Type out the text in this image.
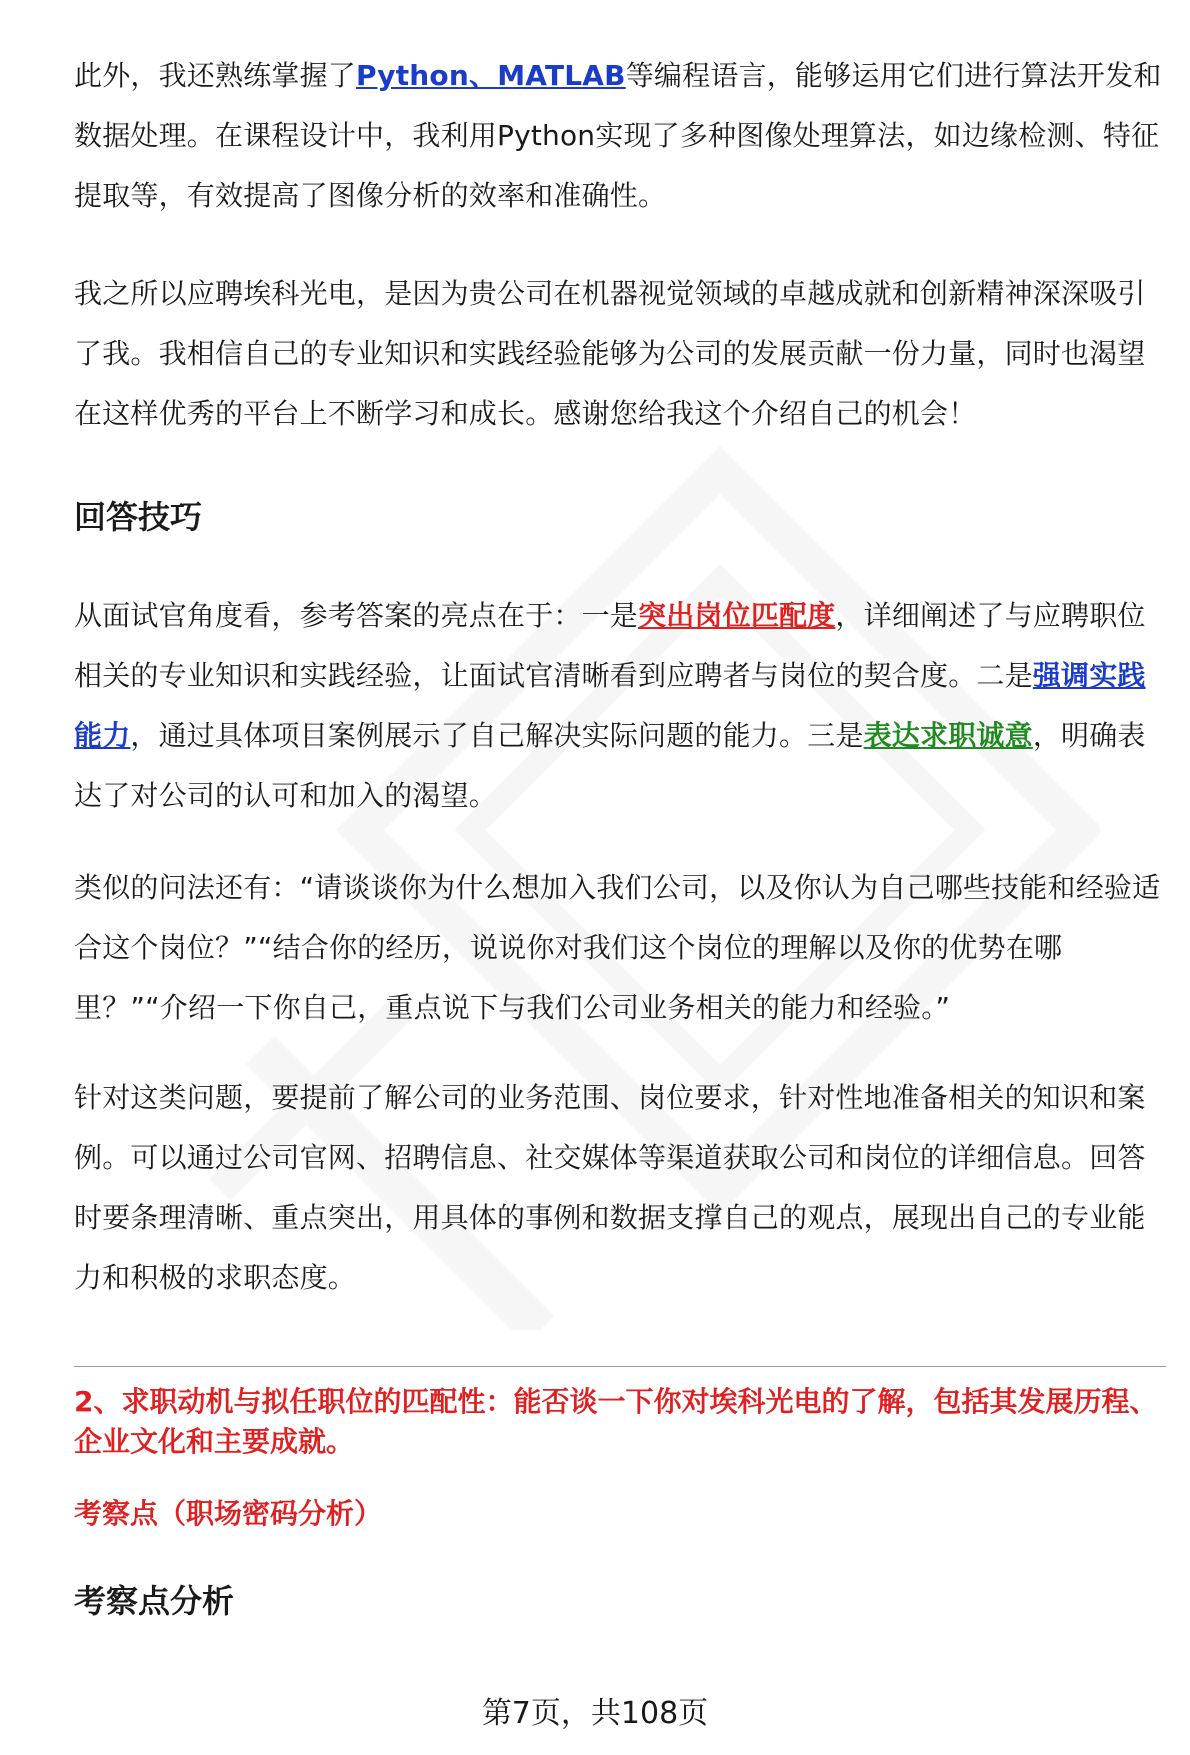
此外，我还熟练掌握了Python、MATLAB等编程语言，能够运用它们进行算法开发和数据处理。在课程设计中，我利用Python实现了多种图像处理算法，如边缘检测、特征提取等，有效提高了图像分析的效率和准确性。

我之所以应聘埃科光电，是因为贵公司在机器视觉领域的卓越成就和创新精神深深吸引了我。我相信自己的专业知识和实践经验能够为公司的发展贡献一份力量，同时也渴望在这样优秀的平台上不断学习和成长。感谢您给我这个介绍自己的机会！

回答技巧

从面试官角度看，参考答案的亮点在于：一是突出岗位匹配度，详细阐述了与应聘职位相关的专业知识和实践经验，让面试官清晰看到应聘者与岗位的契合度。二是强调实践能力，通过具体项目案例展示了自己解决实际问题的能力。三是表达求职诚意，明确表达了对公司的认可和加入的渴望。

类似的问法还有：“请谈谈你为什么想加入我们公司，以及你认为自己哪些技能和经验适合这个岗位？”“结合你的经历，说说你对我们这个岗位的理解以及你的优势在哪里？”“介绍一下你自己，重点说下与我们公司业务相关的能力和经验。”

针对这类问题，要提前了解公司的业务范围、岗位要求，针对性地准备相关的知识和案例。可以通过公司官网、招聘信息、社交媒体等渠道获取公司和岗位的详细信息。回答时要条理清晰、重点突出，用具体的事例和数据支撑自己的观点，展现出自己的专业能力和积极的求职态度。

2、求职动机与拟任职位的匹配性：能否谈一下你对埃科光电的了解，包括其发展历程、企业文化和主要成就。

考察点（职场密码分析）

考察点分析
第7页，共108页
